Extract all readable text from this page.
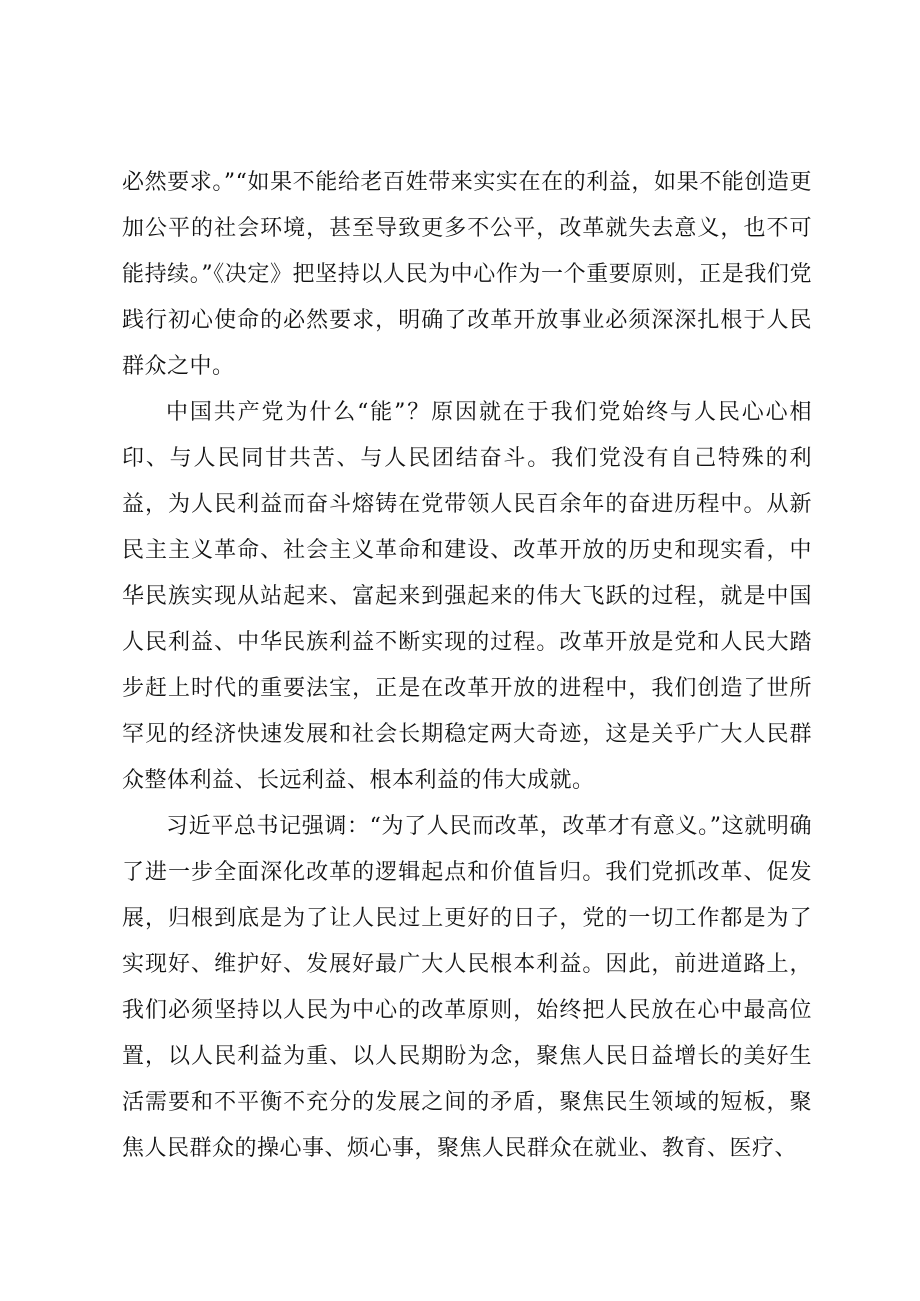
必然要求。”“如果不能给老百姓带来实实在在的利益，如果不能创造更加公平的社会环境，甚至导致更多不公平，改革就失去意义，也不可能持续。”《决定》把坚持以人民为中心作为一个重要原则，正是我们党践行初心使命的必然要求，明确了改革开放事业必须深深扎根于人民群众之中。

中国共产党为什么“能”？原因就在于我们党始终与人民心心相印、与人民同甘共苦、与人民团结奋斗。我们党没有自己特殊的利益，为人民利益而奋斗熔铸在党带领人民百余年的奋进历程中。从新民主主义革命、社会主义革命和建设、改革开放的历史和现实看，中华民族实现从站起来、富起来到强起来的伟大飞跃的过程，就是中国人民利益、中华民族利益不断实现的过程。改革开放是党和人民大踏步赶上时代的重要法宝，正是在改革开放的进程中，我们创造了世所罕见的经济快速发展和社会长期稳定两大奇迹，这是关乎广大人民群众整体利益、长远利益、根本利益的伟大成就。

习近平总书记强调：“为了人民而改革，改革才有意义。”这就明确了进一步全面深化改革的逻辑起点和价值旨归。我们党抓改革、促发展，归根到底是为了让人民过上更好的日子，党的一切工作都是为了实现好、维护好、发展好最广大人民根本利益。因此，前进道路上，我们必须坚持以人民为中心的改革原则，始终把人民放在心中最高位置，以人民利益为重、以人民期盼为念，聚焦人民日益增长的美好生活需要和不平衡不充分的发展之间的矛盾，聚焦民生领域的短板，聚焦人民群众的操心事、烦心事，聚焦人民群众在就业、教育、医疗、
